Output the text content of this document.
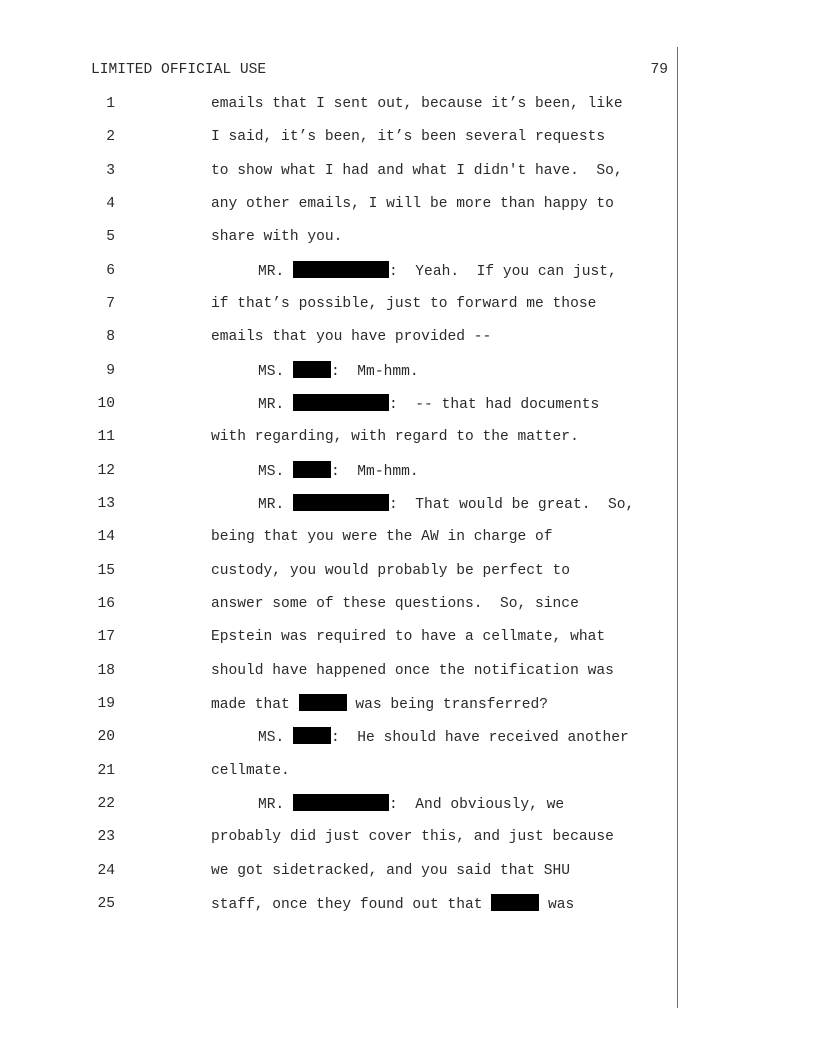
LIMITED OFFICIAL USE	79
1	emails that I sent out, because it’s been, like
2	I said, it’s been, it’s been several requests
3	to show what I had and what I didn't have.  So,
4	any other emails, I will be more than happy to
5	share with you.
6	MR.	:  Yeah.  If you can just,
7	if that’s possible, just to forward me those
8	emails that you have provided --
9	MS.	:  Mm-hmm.
10	MR.	:  -- that had documents
11	with regarding, with regard to the matter.
12	MS.	:  Mm-hmm.
13	MR.	:  That would be great.  So,
14	being that you were the AW in charge of
15	custody, you would probably be perfect to
16	answer some of these questions.  So, since
17	Epstein was required to have a cellmate, what
18	should have happened once the notification was
19	made that	was being transferred?
20	MS.	:  He should have received another
21	cellmate.
22	MR.	:  And obviously, we
23	probably did just cover this, and just because
24	we got sidetracked, and you said that SHU
25	staff, once they found out that	was
